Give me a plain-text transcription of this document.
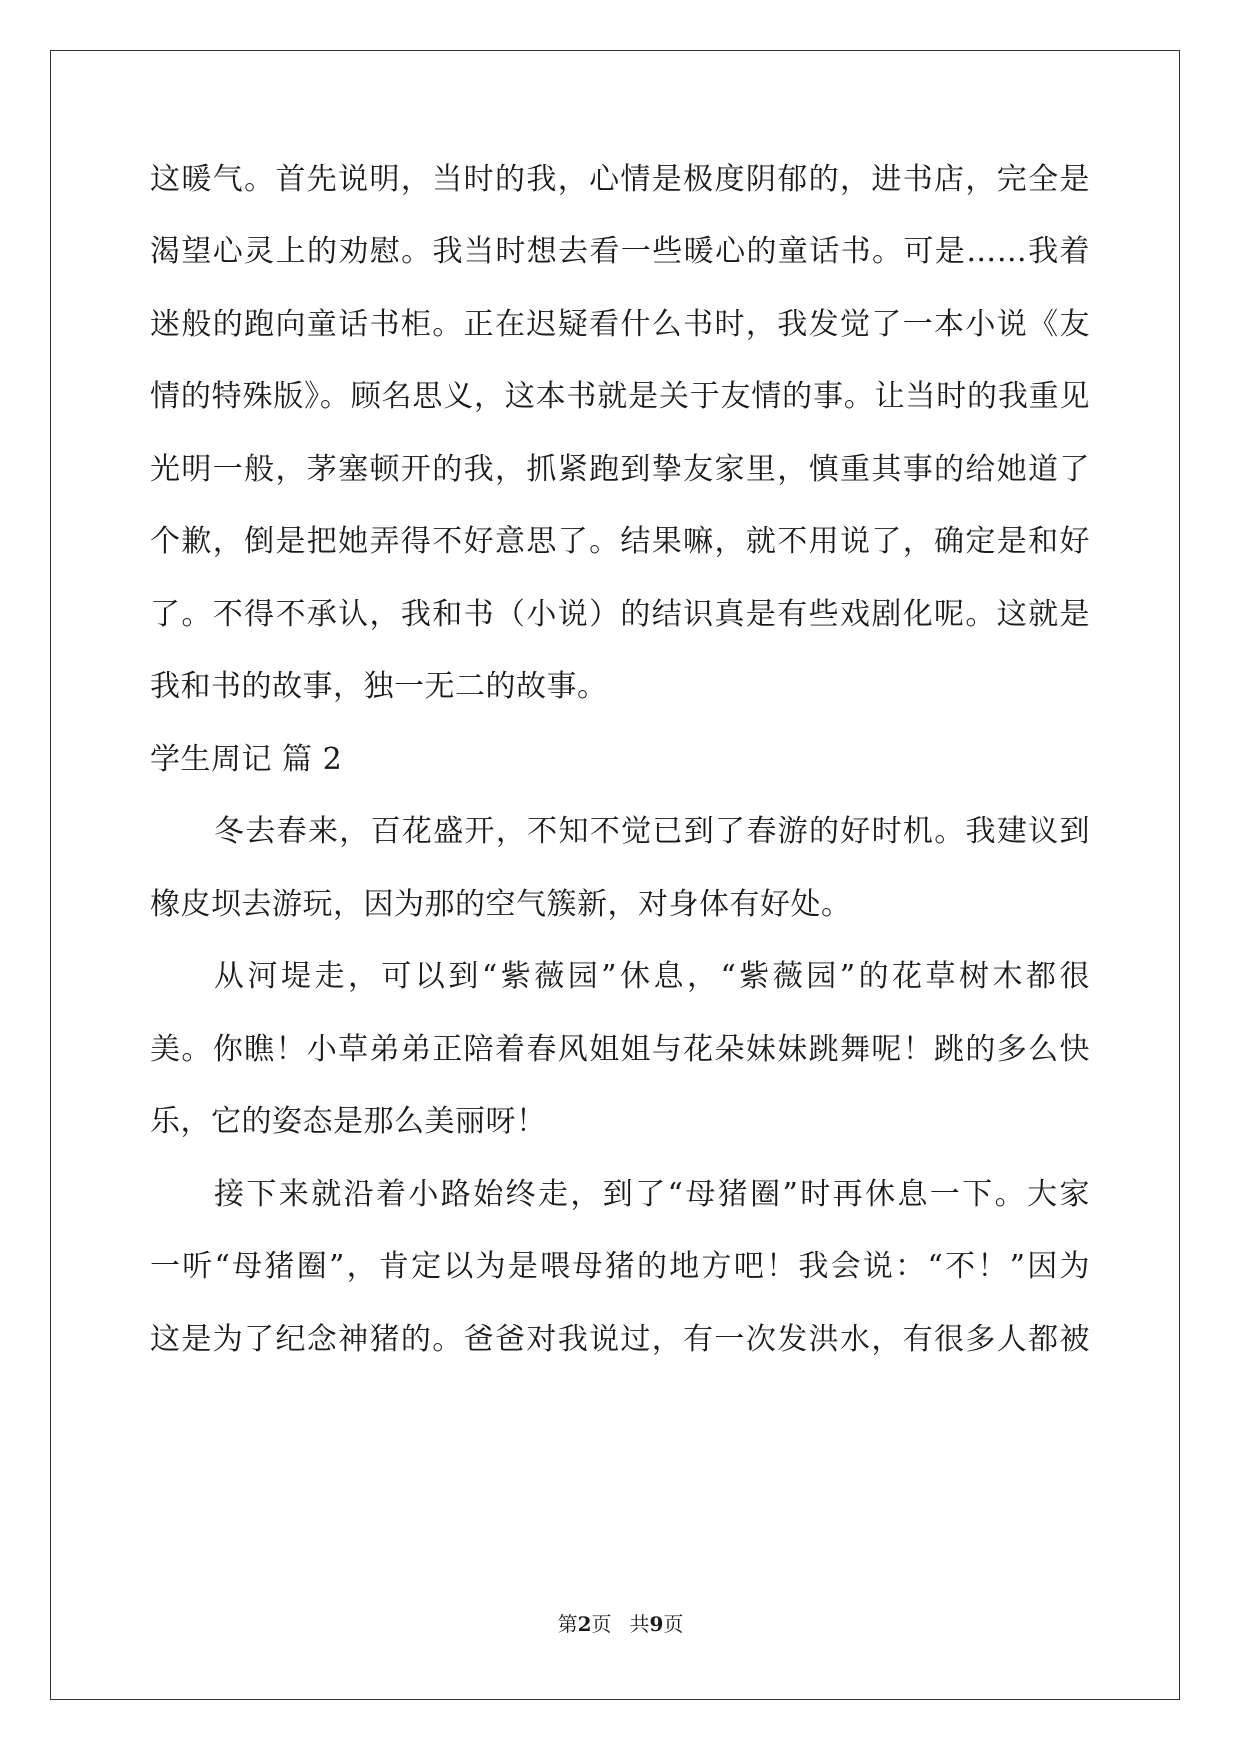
这暖气。首先说明，当时的我，心情是极度阴郁的，进书店，完全是
渴望心灵上的劝慰。我当时想去看一些暖心的童话书。可是……我着
迷般的跑向童话书柜。正在迟疑看什么书时，我发觉了一本小说《友
情的特殊版》。顾名思义，这本书就是关于友情的事。让当时的我重见
光明一般，茅塞顿开的我，抓紧跑到挚友家里，慎重其事的给她道了
个歉，倒是把她弄得不好意思了。结果嘛，就不用说了，确定是和好
了。不得不承认，我和书（小说）的结识真是有些戏剧化呢。这就是
我和书的故事，独一无二的故事。
学生周记 篇 2
冬去春来，百花盛开，不知不觉已到了春游的好时机。我建议到
橡皮坝去游玩，因为那的空气簇新，对身体有好处。
从河堤走，可以到“紫薇园”休息，“紫薇园”的花草树木都很
美。你瞧！小草弟弟正陪着春风姐姐与花朵妹妹跳舞呢！跳的多么快
乐，它的姿态是那么美丽呀！
接下来就沿着小路始终走，到了“母猪圈”时再休息一下。大家
一听“母猪圈”，肯定以为是喂母猪的地方吧！我会说：“不！”因为
这是为了纪念神猪的。爸爸对我说过，有一次发洪水，有很多人都被
第2页 共9页
